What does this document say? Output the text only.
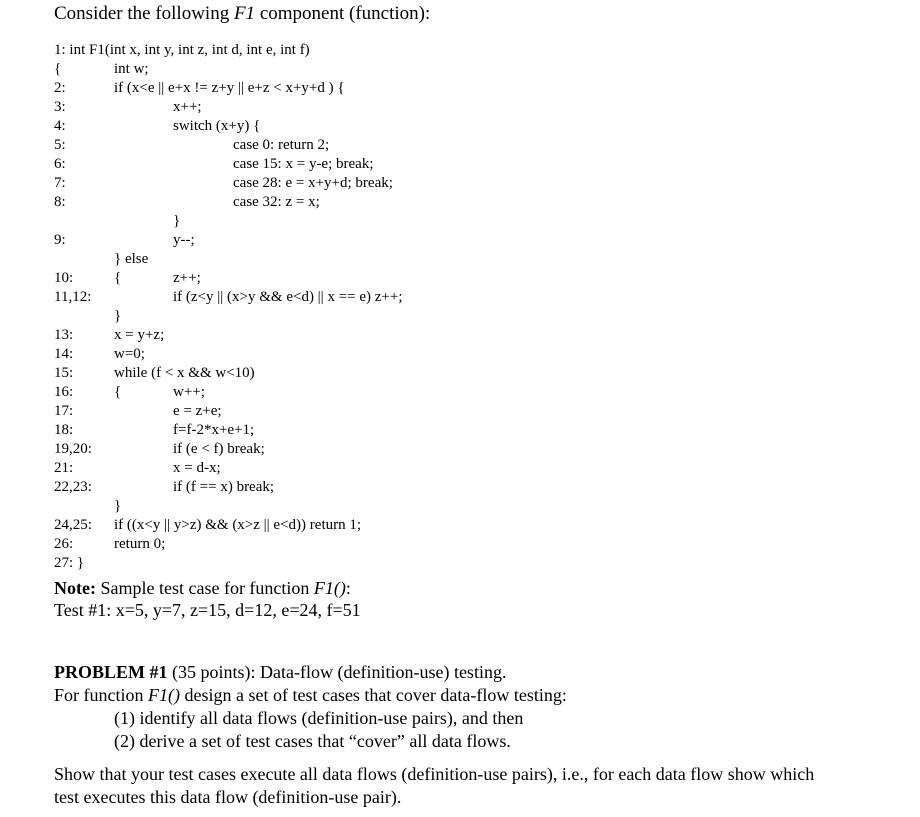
Consider the following F1 component (function):
1: int F1(int x, int y, int z, int d, int e, int f)
{	int w;
2:	if (x<e || e+x != z+y || e+z < x+y+d ) {
3:	x++;
4:	switch (x+y) {
5:	case 0: return 2;
6:	case 15: x = y-e; break;
7:	case 28: e = x+y+d; break;
8:	case 32: z = x;
}
9:	y--;
} else
10:	{	z++;
11,12:	if (z<y || (x>y && e<d) || x == e) z++;
}
13:	x = y+z;
14:	w=0;
15:	while (f < x && w<10)
16:	{	w++;
17:	e = z+e;
18:	f=f-2*x+e+1;
19,20:	if (e < f) break;
21:	x = d-x;
22,23:	if (f == x) break;
}
24,25: if ((x<y || y>z) && (x>z || e<d)) return 1;
26:	return 0;
27: }
Note: Sample test case for function F1():
Test #1: x=5, y=7, z=15, d=12, e=24, f=51
PROBLEM #1 (35 points): Data-flow (definition-use) testing.
For function F1() design a set of test cases that cover data-flow testing:
(1) identify all data flows (definition-use pairs), and then
(2) derive a set of test cases that “cover” all data flows.
Show that your test cases execute all data flows (definition-use pairs), i.e., for each data flow show which
test executes this data flow (definition-use pair).
